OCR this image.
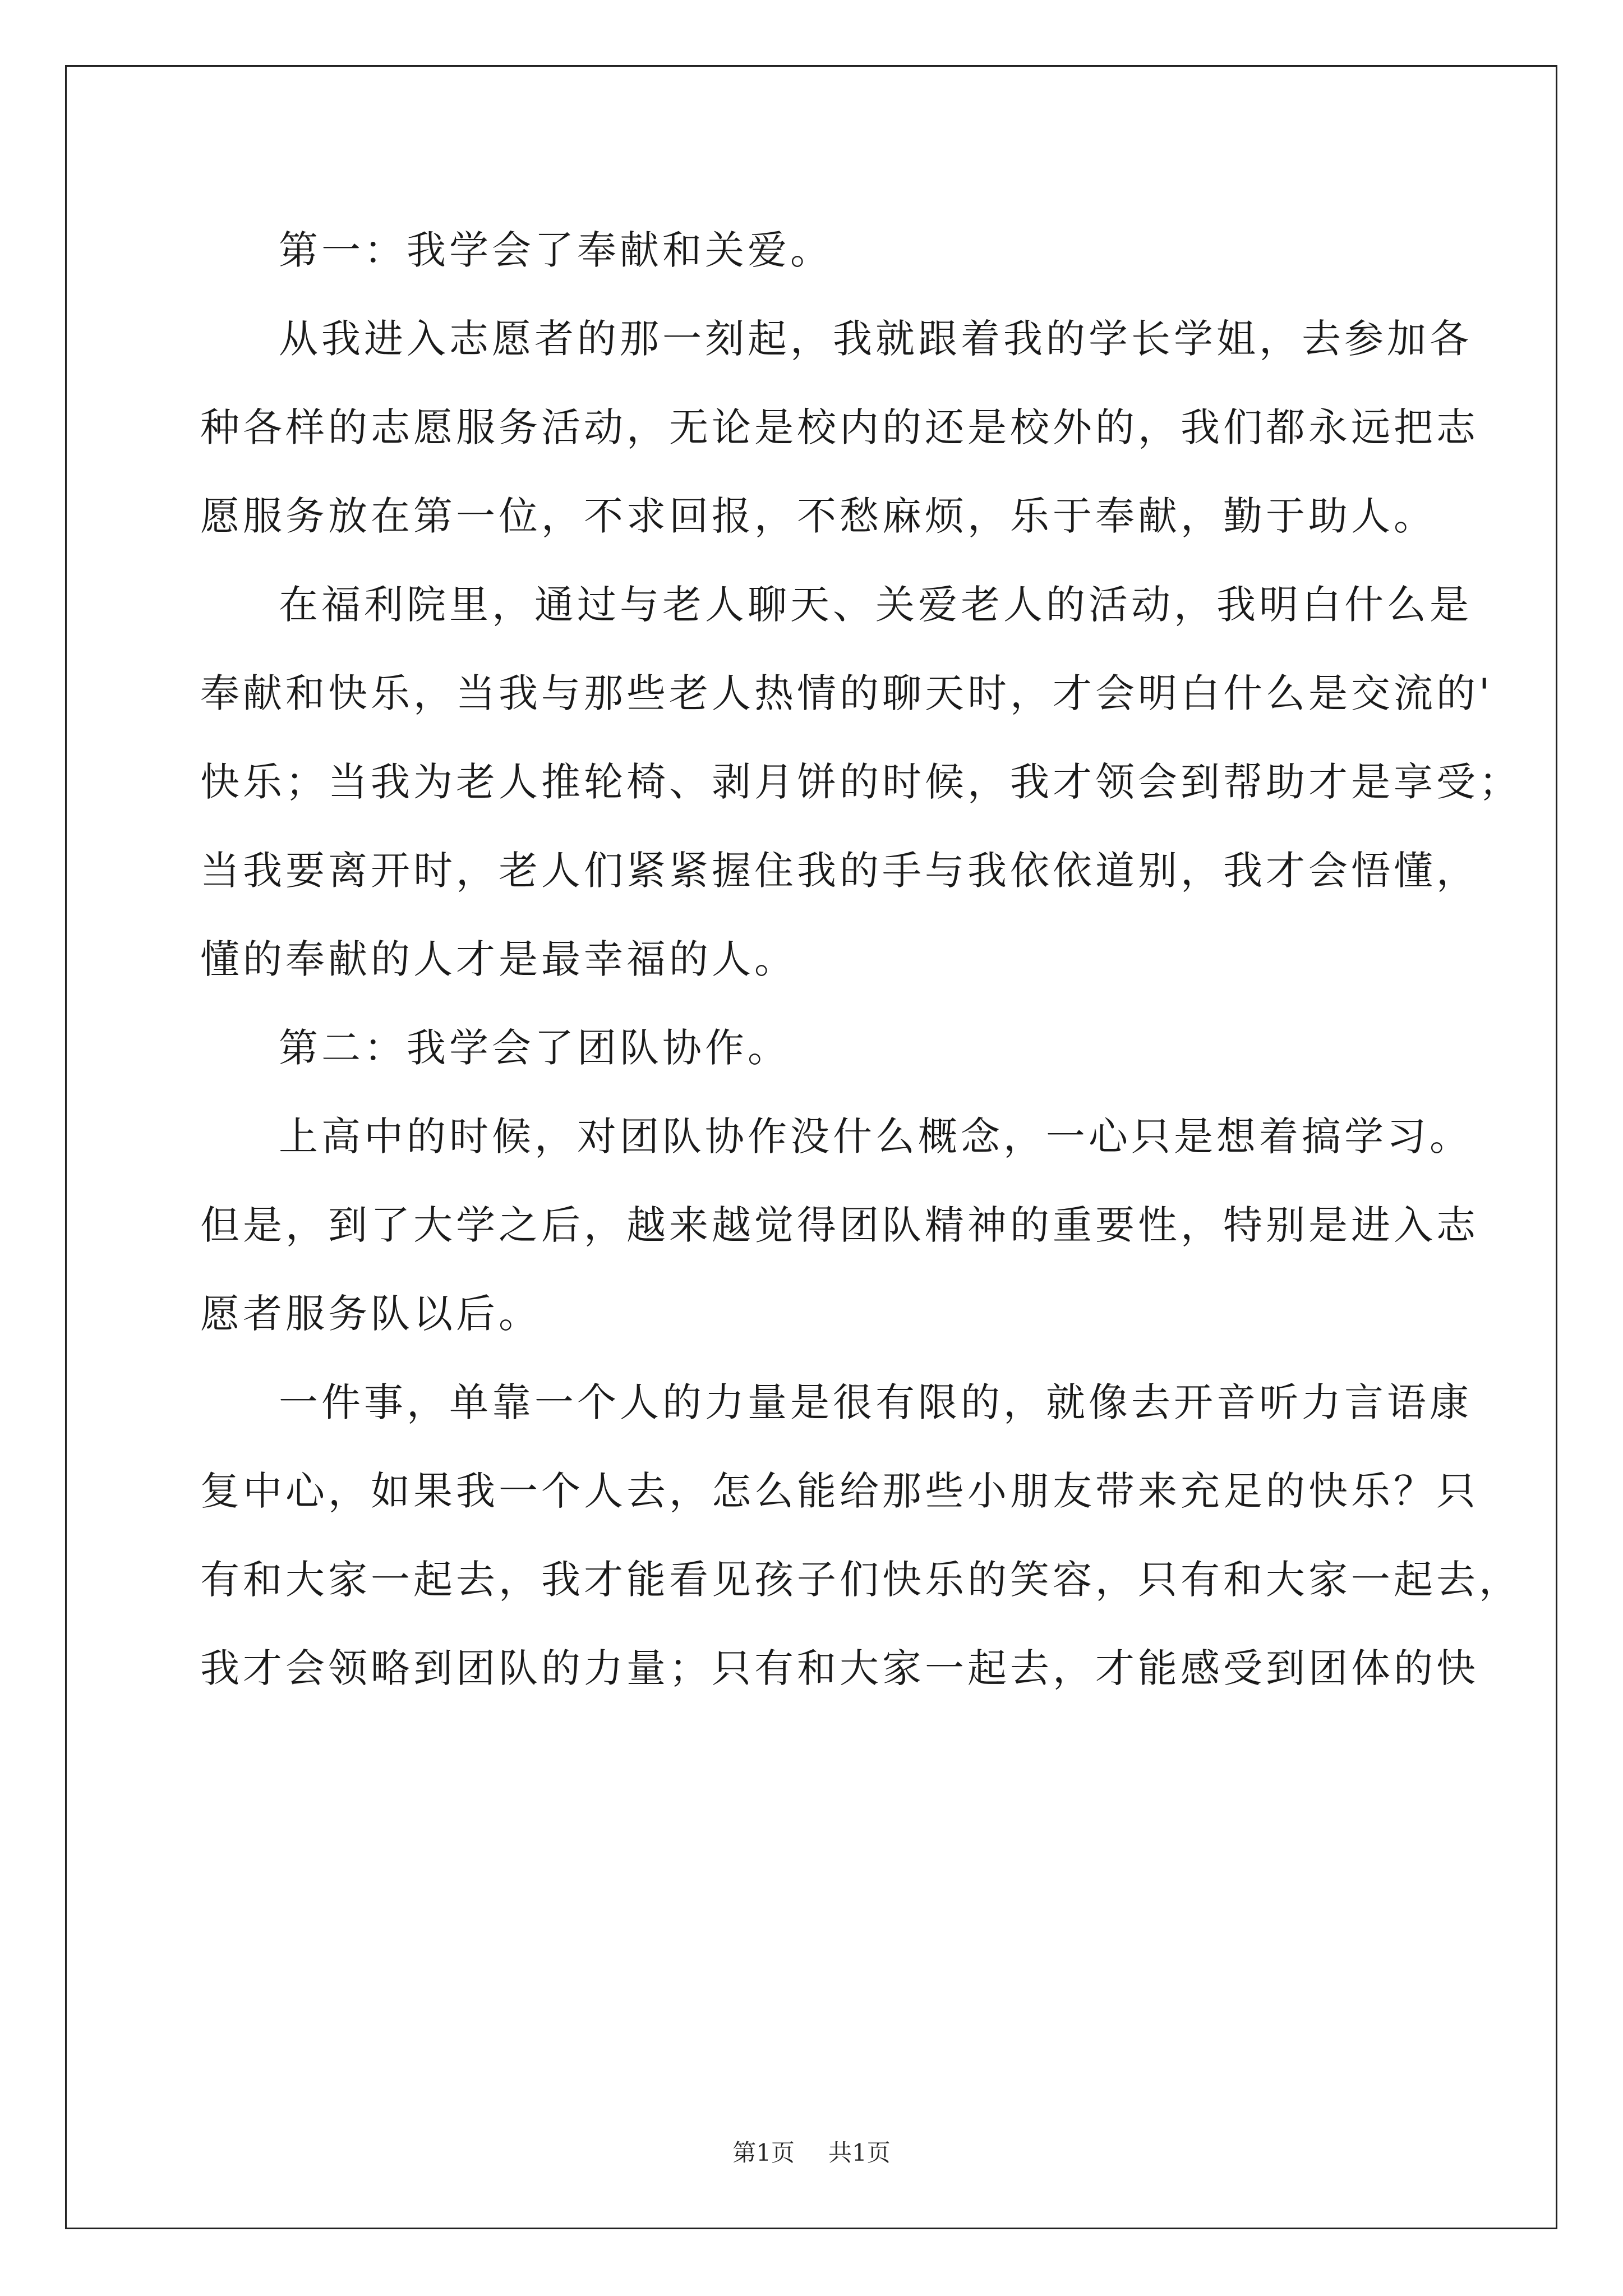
第一：我学会了奉献和关爱。

从我进入志愿者的那一刻起，我就跟着我的学长学姐，去参加各
种各样的志愿服务活动，无论是校内的还是校外的，我们都永远把志
愿服务放在第一位，不求回报，不愁麻烦，乐于奉献，勤于助人。

在福利院里，通过与老人聊天、关爱老人的活动，我明白什么是
奉献和快乐，当我与那些老人热情的聊天时，才会明白什么是交流的'
快乐；当我为老人推轮椅、剥月饼的时候，我才领会到帮助才是享受；
当我要离开时，老人们紧紧握住我的手与我依依道别，我才会悟懂，
懂的奉献的人才是最幸福的人。

第二：我学会了团队协作。

上高中的时候，对团队协作没什么概念，一心只是想着搞学习。
但是，到了大学之后，越来越觉得团队精神的重要性，特别是进入志
愿者服务队以后。

一件事，单靠一个人的力量是很有限的，就像去开音听力言语康
复中心，如果我一个人去，怎么能给那些小朋友带来充足的快乐？只
有和大家一起去，我才能看见孩子们快乐的笑容，只有和大家一起去，
我才会领略到团队的力量；只有和大家一起去，才能感受到团体的快

第1页 共1页
